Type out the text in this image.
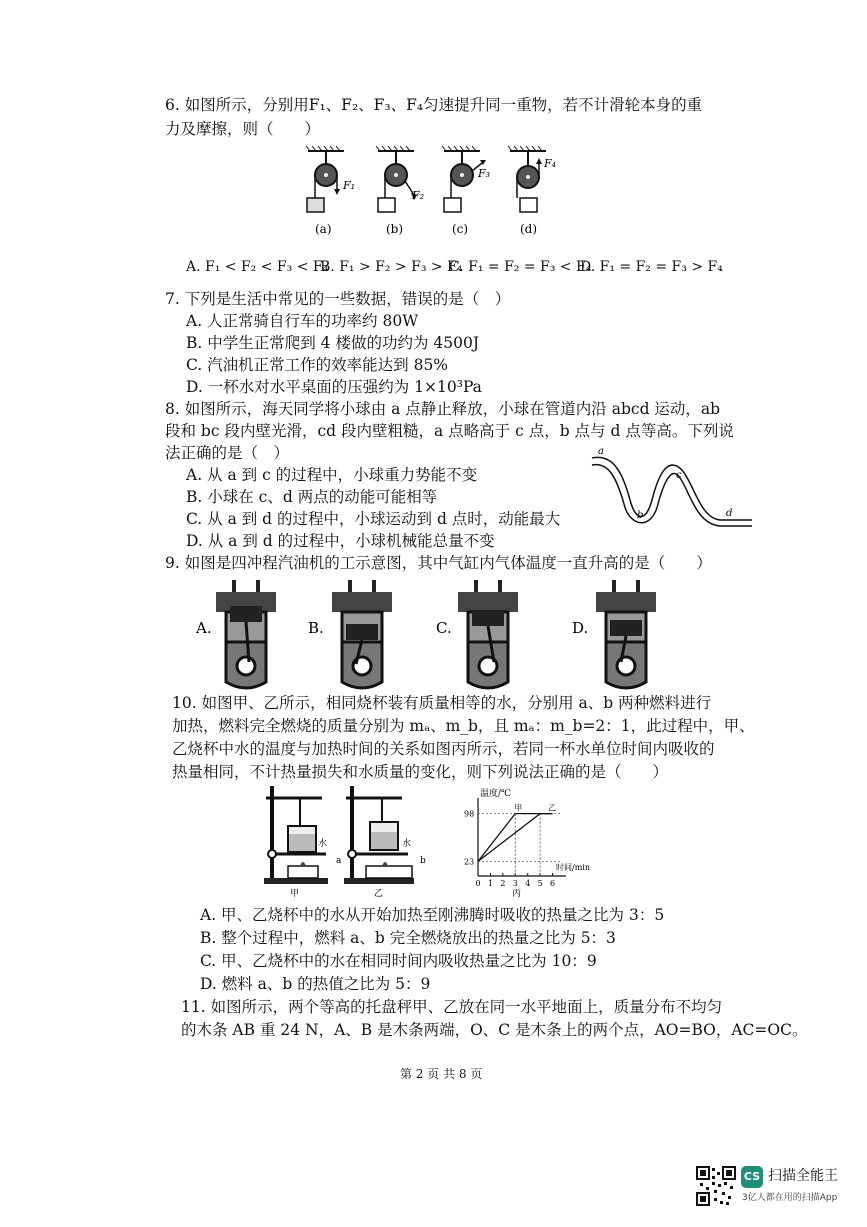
6. 如图所示，分别用F₁、F₂、F₃、F₄匀速提升同一重物，若不计滑轮本身的重
力及摩擦，则（　　）
F₁
F₂
F₃
F₄
(a)	(b)	(c)	(d)
A. F₁ < F₂ < F₃ < F₄
B. F₁ > F₂ > F₃ > F₄
C. F₁ = F₂ = F₃ < F₄
D. F₁ = F₂ = F₃ > F₄
7. 下列是生活中常见的一些数据，错误的是（　）
A. 人正常骑自行车的功率约 80W
B. 中学生正常爬到 4 楼做的功约为 4500J
C. 汽油机正常工作的效率能达到 85%
D. 一杯水对水平桌面的压强约为 1×10³Pa
8. 如图所示，海天同学将小球由 a 点静止释放，小球在管道内沿 abcd 运动，ab
段和 bc 段内壁光滑，cd 段内壁粗糙，a 点略高于 c 点，b 点与 d 点等高。下列说
法正确的是（　）
A. 从 a 到 c 的过程中，小球重力势能不变
B. 小球在 c、d 两点的动能可能相等
C. 从 a 到 d 的过程中，小球运动到 d 点时，动能最大
D. 从 a 到 d 的过程中，小球机械能总量不变
a
b
c
d
9. 如图是四冲程汽油机的工示意图，其中气缸内气体温度一直升高的是（　　）
A.	B.	C.	D.
10. 如图甲、乙所示，相同烧杯装有质量相等的水，分别用 a、b 两种燃料进行
加热，燃料完全燃烧的质量分别为 mₐ、m_b，且 mₐ：m_b=2：1，此过程中，甲、
乙烧杯中水的温度与加热时间的关系如图丙所示，若同一杯水单位时间内吸收的
热量相同，不计热量损失和水质量的变化，则下列说法正确的是（　　）
水
a
水
b
甲	乙	丙
0 1 2 3 4 5 6
23
98
甲	乙
温度/℃
时间/min
A. 甲、乙烧杯中的水从开始加热至刚沸腾时吸收的热量之比为 3：5
B. 整个过程中，燃料 a、b 完全燃烧放出的热量之比为 5：3
C. 甲、乙烧杯中的水在相同时间内吸收热量之比为 10：9
D. 燃料 a、b 的热值之比为 5：9
11. 如图所示，两个等高的托盘秤甲、乙放在同一水平地面上，质量分布不均匀
的木条 AB 重 24 N，A、B 是木条两端，O、C 是木条上的两个点，AO=BO，AC=OC。
第 2 页 共 8 页
CS 扫描全能王
3亿人都在用的扫描App
